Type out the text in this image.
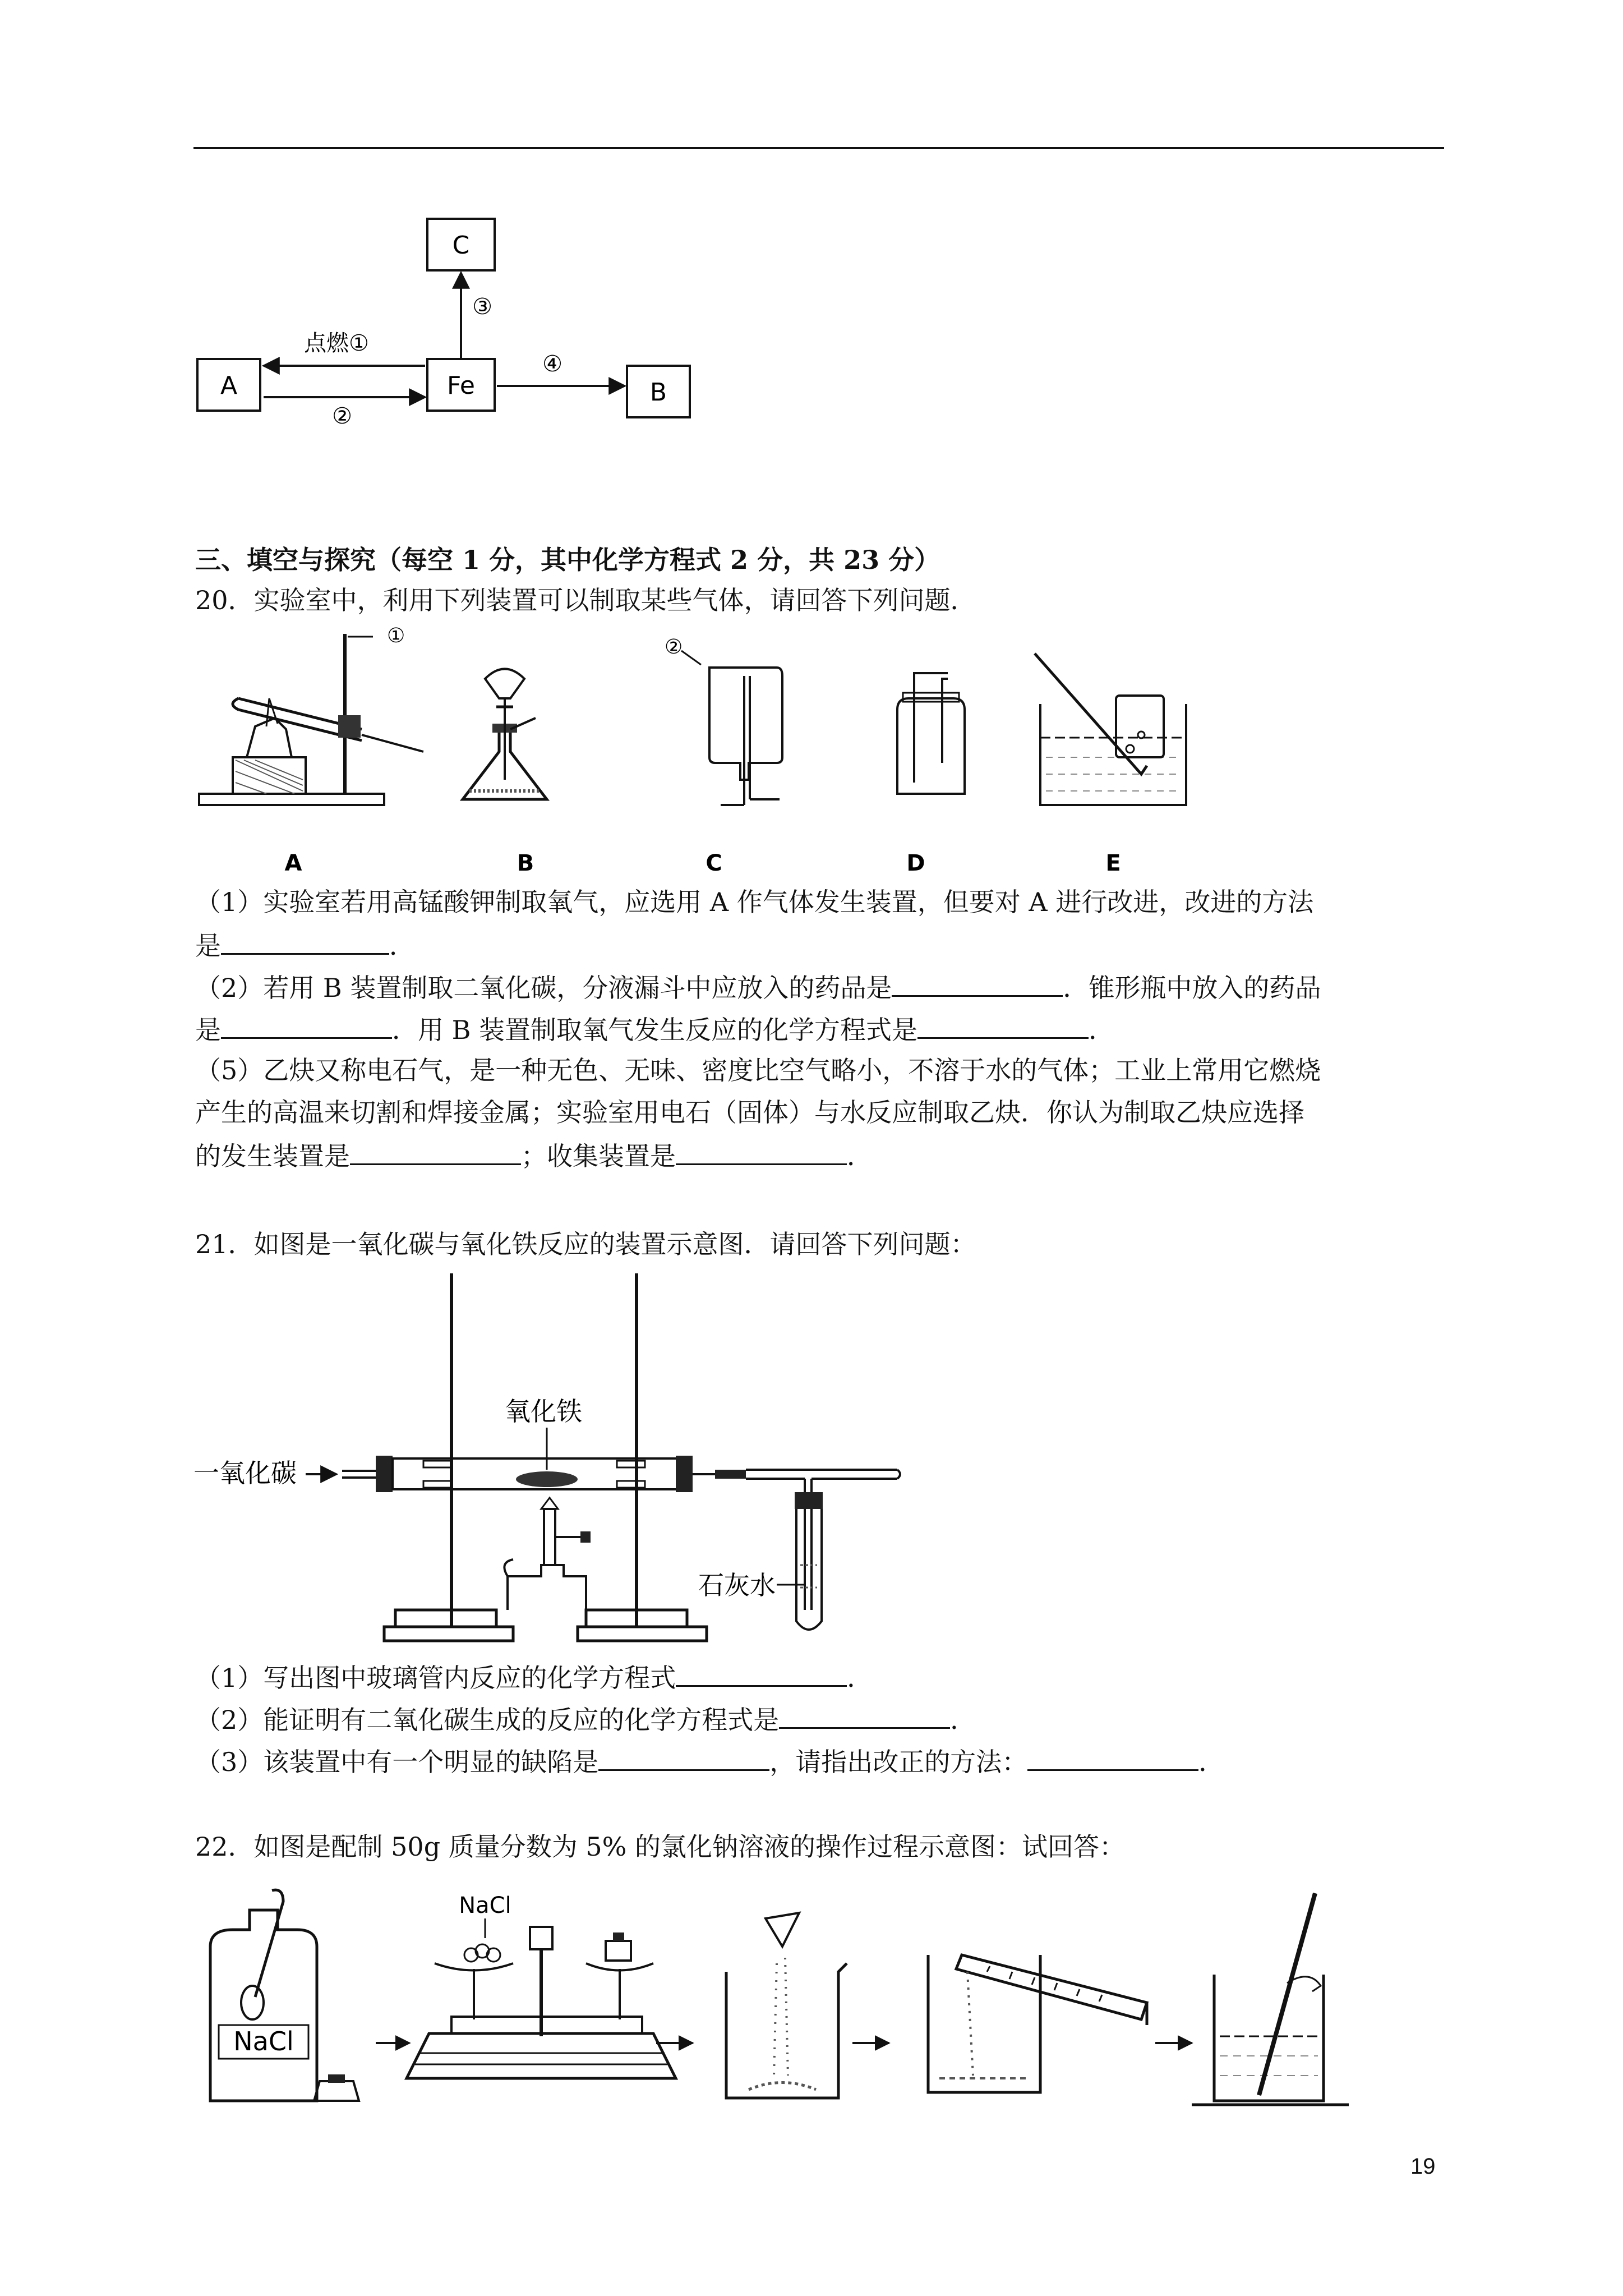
C
A	Fe	B
点燃①
②
③
④
三、填空与探究（每空 1 分，其中化学方程式 2 分，共 23 分）
20．实验室中，利用下列装置可以制取某些气体，请回答下列问题．
①	②
A	B	C	D	E
（1）实验室若用高锰酸钾制取氧气，应选用 A 作气体发生装置，但要对 A 进行改进，改进的方法
是	．
（2）若用 B 装置制取二氧化碳，分液漏斗中应放入的药品是	．锥形瓶中放入的药品
是	．用 B 装置制取氧气发生反应的化学方程式是	．
（5）乙炔又称电石气，是一种无色、无味、密度比空气略小，不溶于水的气体；工业上常用它燃烧
产生的高温来切割和焊接金属；实验室用电石（固体）与水反应制取乙炔．你认为制取乙炔应选择
的发生装置是	；收集装置是	．
21．如图是一氧化碳与氧化铁反应的装置示意图．请回答下列问题：
一氧化碳
氧化铁
石灰水
（1）写出图中玻璃管内反应的化学方程式	．
（2）能证明有二氧化碳生成的反应的化学方程式是	．
（3）该装置中有一个明显的缺陷是	，请指出改正的方法：	．
22．如图是配制 50g 质量分数为 5% 的氯化钠溶液的操作过程示意图：试回答：
NaCl
NaCl
19
